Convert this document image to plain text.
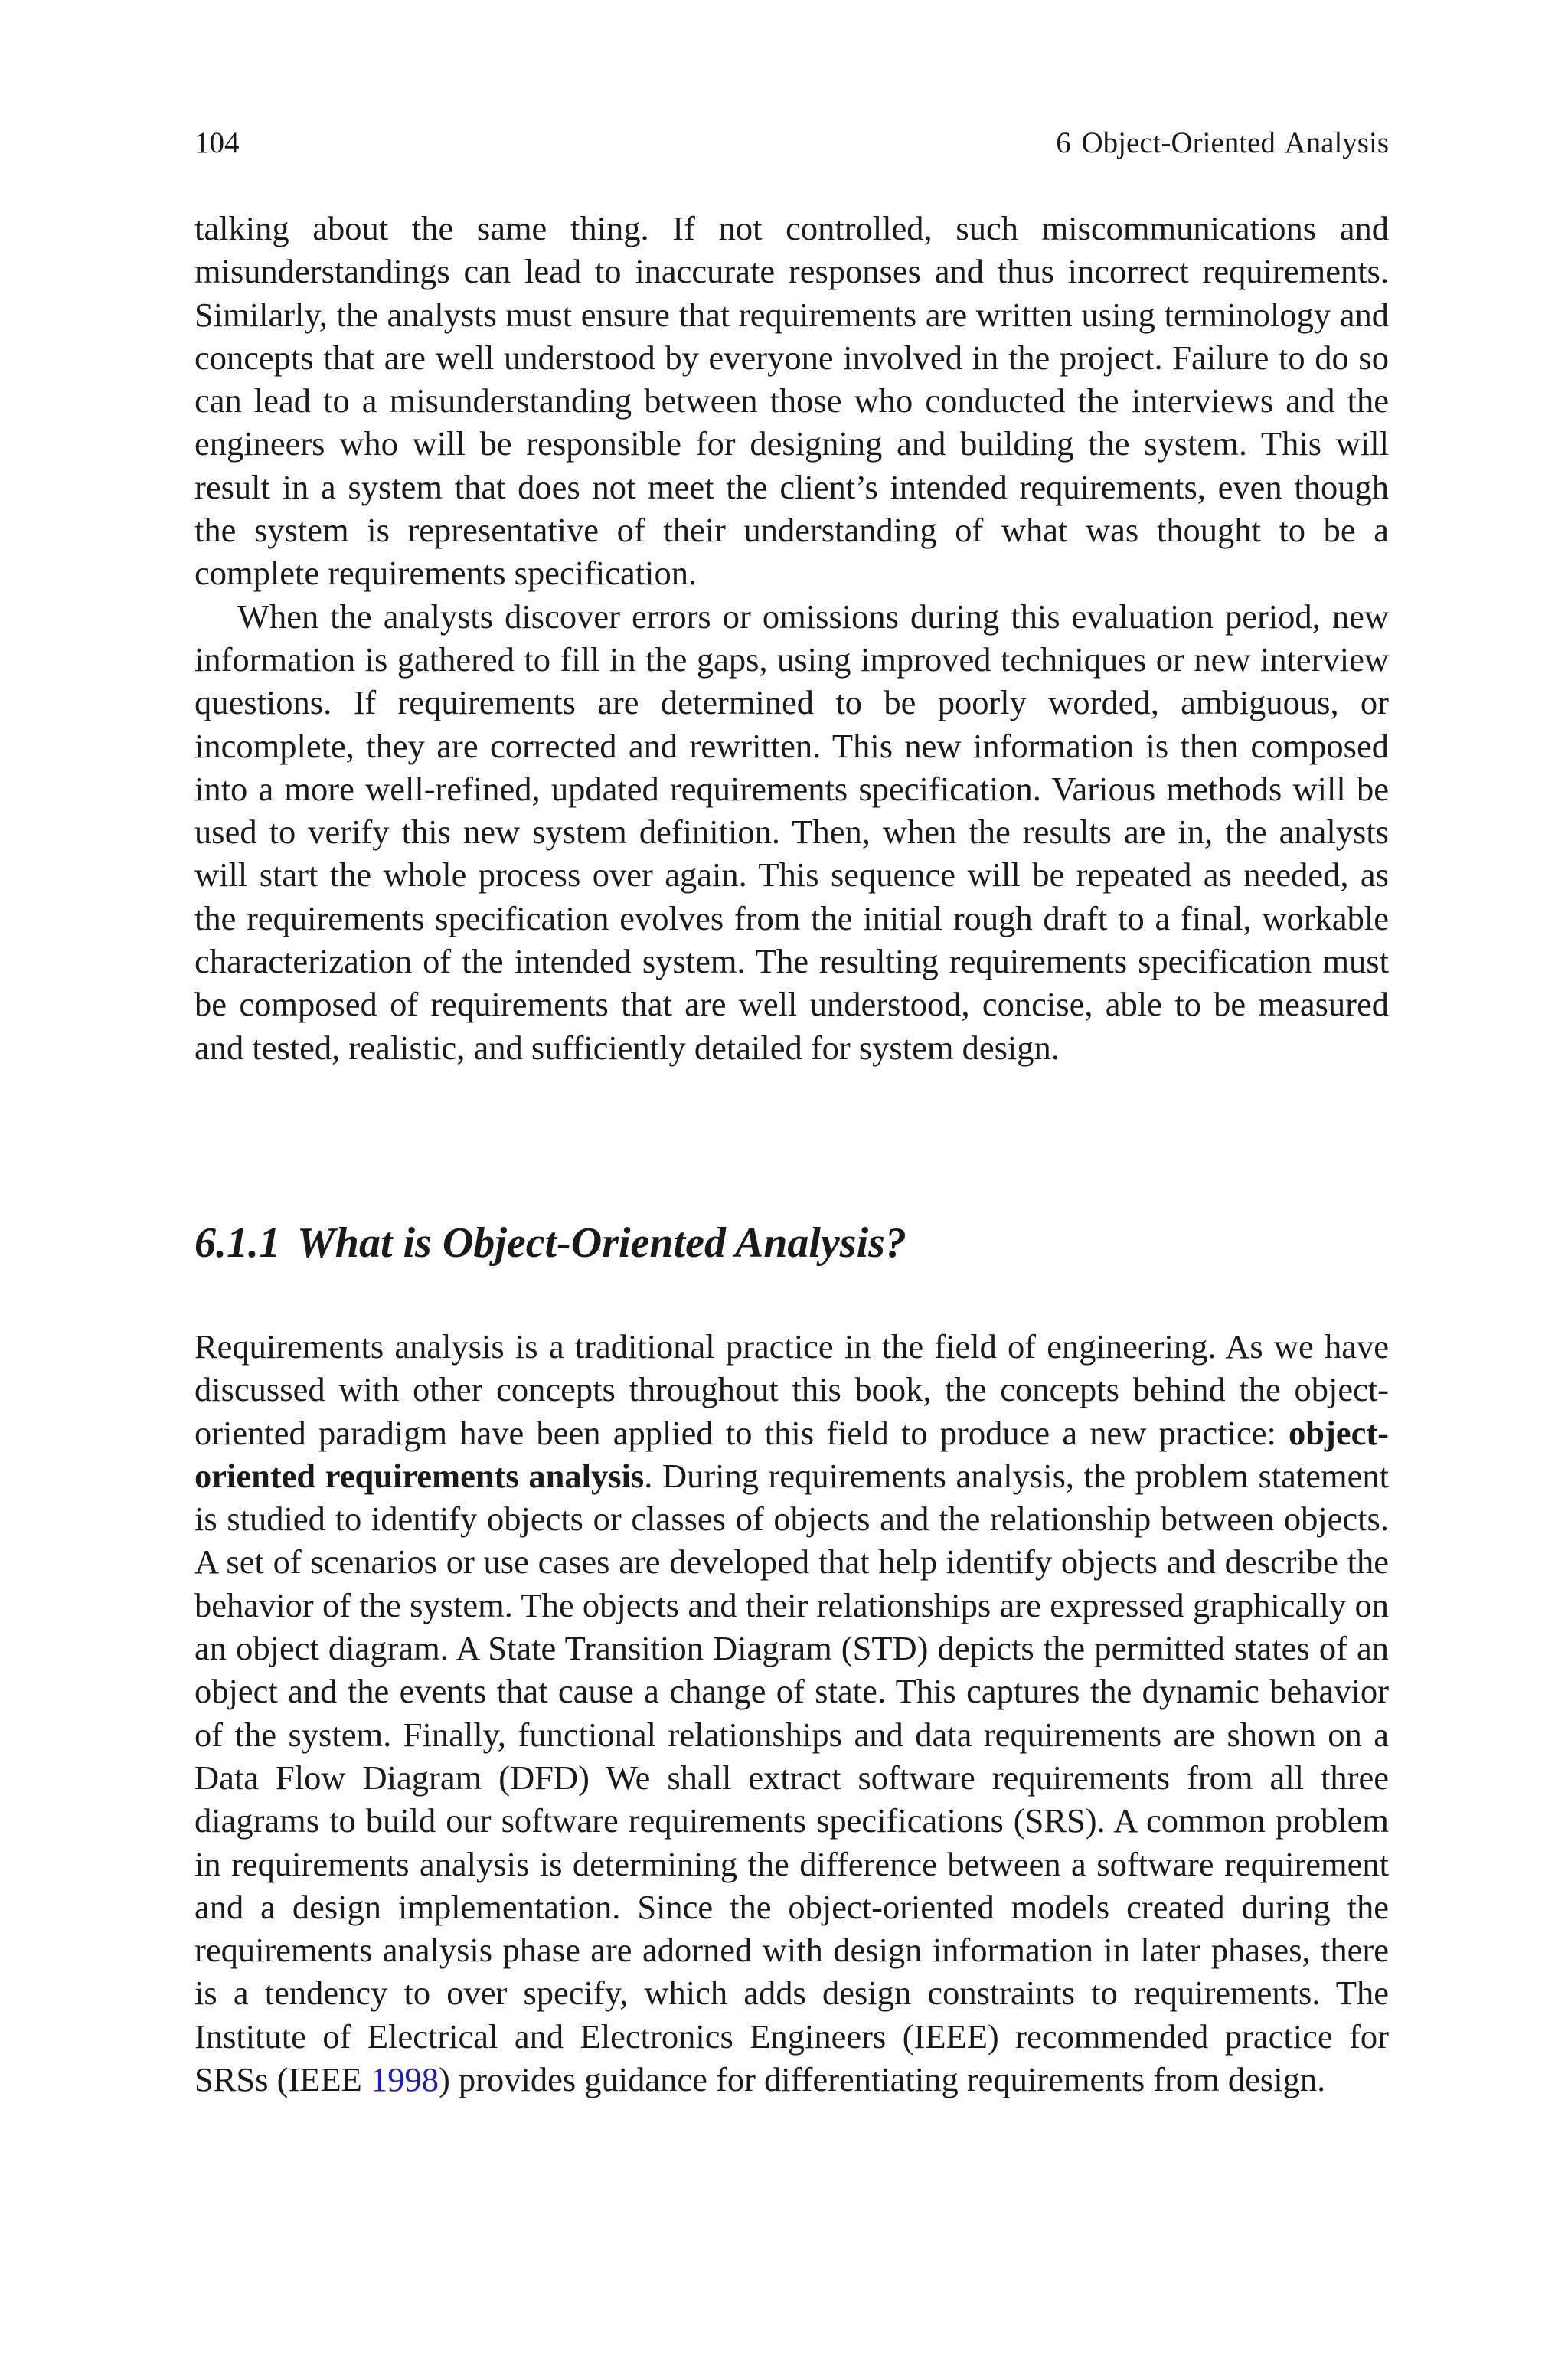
104	6 Object-Oriented Analysis

talking about the same thing. If not controlled, such miscommunications and misunderstandings can lead to inaccurate responses and thus incorrect requirements. Similarly, the analysts must ensure that requirements are written using terminology and concepts that are well understood by everyone involved in the project. Failure to do so can lead to a misunderstanding between those who conducted the interviews and the engineers who will be responsible for designing and building the system. This will result in a system that does not meet the client’s intended requirements, even though the system is representative of their understanding of what was thought to be a complete requirements specification.

When the analysts discover errors or omissions during this evaluation period, new information is gathered to fill in the gaps, using improved techniques or new interview questions. If requirements are determined to be poorly worded, ambiguous, or incomplete, they are corrected and rewritten. This new information is then composed into a more well-refined, updated requirements specification. Various methods will be used to verify this new system definition. Then, when the results are in, the analysts will start the whole process over again. This sequence will be repeated as needed, as the requirements specification evolves from the initial rough draft to a final, workable characterization of the intended system. The resulting requirements specification must be composed of requirements that are well understood, concise, able to be measured and tested, realistic, and sufficiently detailed for system design.

6.1.1 What is Object-Oriented Analysis?

Requirements analysis is a traditional practice in the field of engineering. As we have discussed with other concepts throughout this book, the concepts behind the object-oriented paradigm have been applied to this field to produce a new practice: object-oriented requirements analysis. During requirements analysis, the problem statement is studied to identify objects or classes of objects and the relationship between objects. A set of scenarios or use cases are developed that help identify objects and describe the behavior of the system. The objects and their relationships are expressed graphically on an object diagram. A State Transition Diagram (STD) depicts the permitted states of an object and the events that cause a change of state. This captures the dynamic behavior of the system. Finally, functional relationships and data requirements are shown on a Data Flow Diagram (DFD) We shall extract software requirements from all three diagrams to build our software requirements specifications (SRS). A common problem in requirements analysis is determining the difference between a software requirement and a design implementation. Since the object-oriented models created during the requirements analysis phase are adorned with design information in later phases, there is a tendency to over specify, which adds design constraints to requirements. The Institute of Electrical and Electronics Engineers (IEEE) recommended practice for SRSs (IEEE 1998) provides guidance for differentiating requirements from design.
